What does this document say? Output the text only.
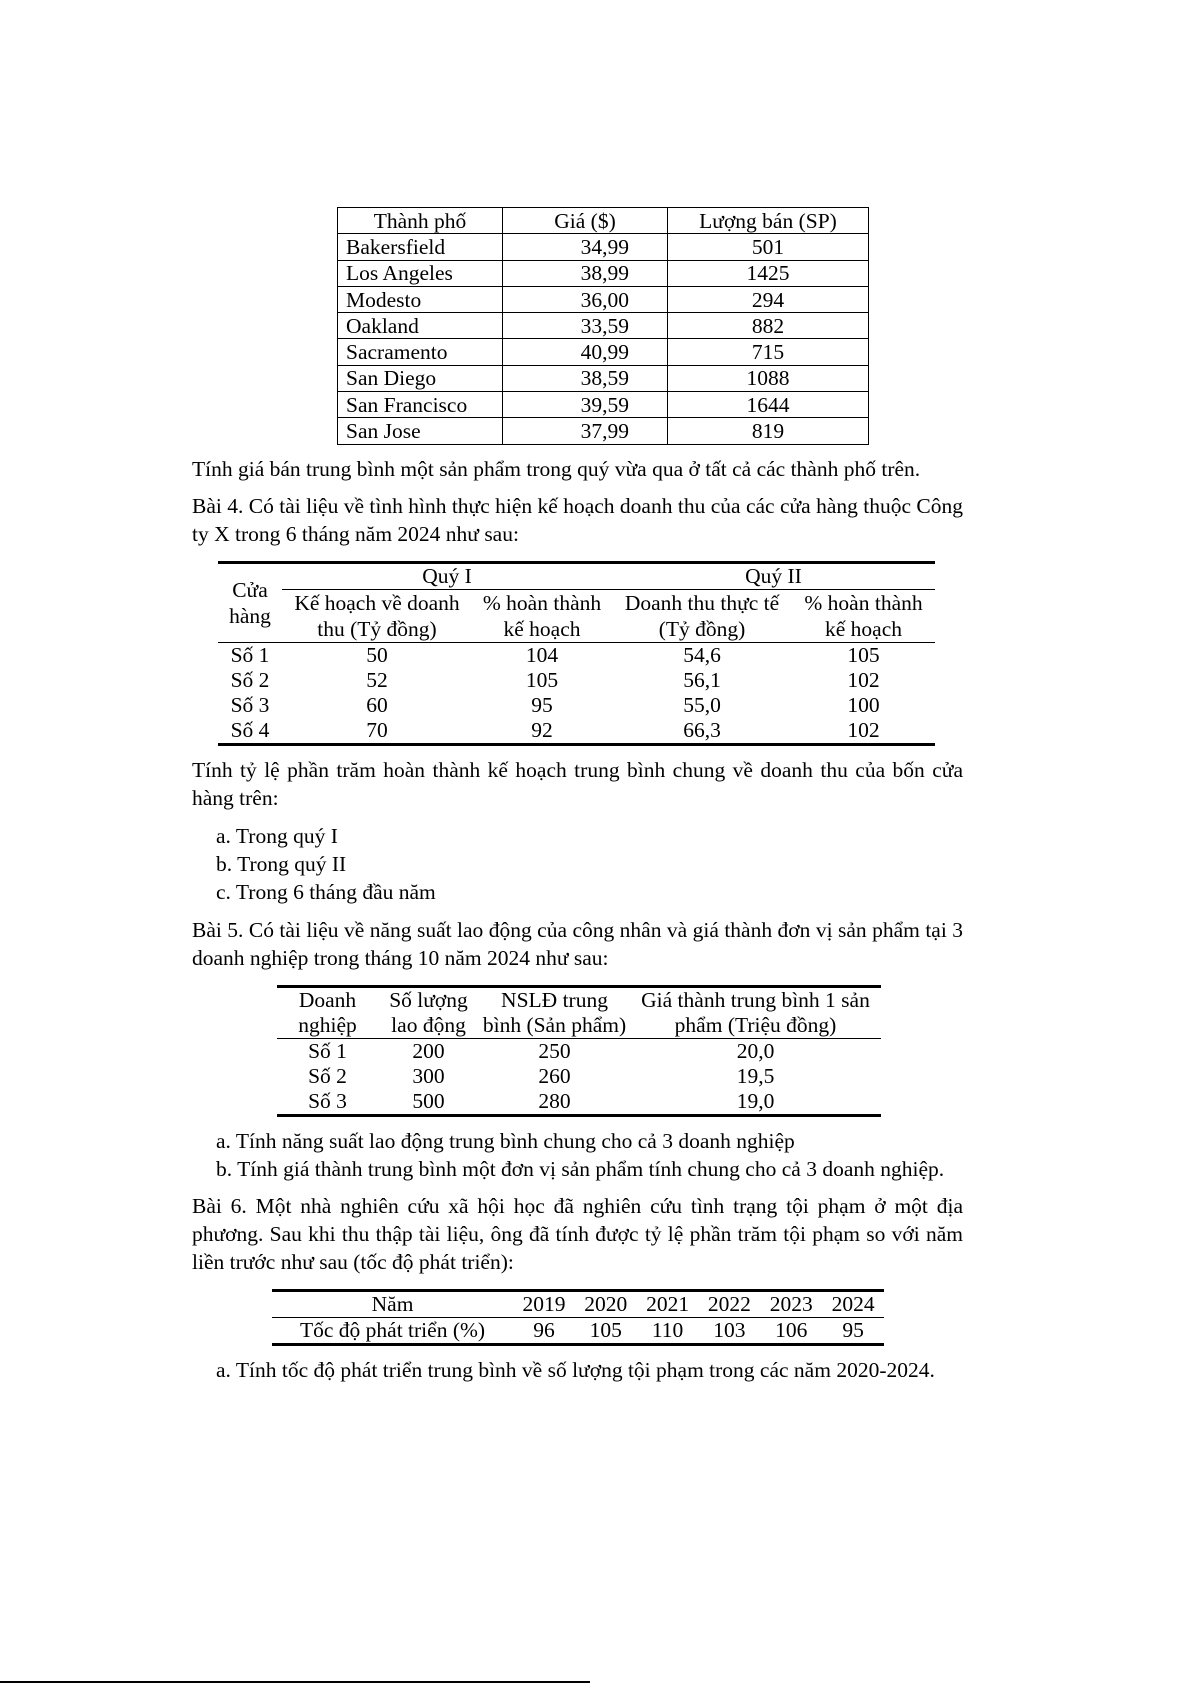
Thành phố	Giá ($)	Lượng bán (SP)
Bakersfield	34,99	501
Los Angeles	38,99	1425
Modesto	36,00	294
Oakland	33,59	882
Sacramento	40,99	715
San Diego	38,59	1088
San Francisco	39,59	1644
San Jose	37,99	819
Tính giá bán trung bình một sản phẩm trong quý vừa qua ở tất cả các thành phố trên.
Bài 4. Có tài liệu về tình hình thực hiện kế hoạch doanh thu của các cửa hàng thuộc Công ty X trong 6 tháng năm 2024 như sau:
Cửa hàng	Quý I		Quý II	
	Kế hoạch về doanh thu (Tỷ đồng)	% hoàn thành kế hoạch	Doanh thu thực tế (Tỷ đồng)	% hoàn thành kế hoạch
Số 1	50	104	54,6	105
Số 2	52	105	56,1	102
Số 3	60	95	55,0	100
Số 4	70	92	66,3	102
Tính tỷ lệ phần trăm hoàn thành kế hoạch trung bình chung về doanh thu của bốn cửa hàng trên:
a. Trong quý I
b. Trong quý II
c. Trong 6 tháng đầu năm
Bài 5. Có tài liệu về năng suất lao động của công nhân và giá thành đơn vị sản phẩm tại 3 doanh nghiệp trong tháng 10 năm 2024 như sau:
Doanh nghiệp	Số lượng lao động	NSLĐ trung bình (Sản phẩm)	Giá thành trung bình 1 sản phẩm (Triệu đồng)
Số 1	200	250	20,0
Số 2	300	260	19,5
Số 3	500	280	19,0
a. Tính năng suất lao động trung bình chung cho cả 3 doanh nghiệp
b. Tính giá thành trung bình một đơn vị sản phẩm tính chung cho cả 3 doanh nghiệp.
Bài 6. Một nhà nghiên cứu xã hội học đã nghiên cứu tình trạng tội phạm ở một địa phương. Sau khi thu thập tài liệu, ông đã tính được tỷ lệ phần trăm tội phạm so với năm liền trước như sau (tốc độ phát triển):
Năm	2019	2020	2021	2022	2023	2024
Tốc độ phát triển (%)	96	105	110	103	106	95
a. Tính tốc độ phát triển trung bình về số lượng tội phạm trong các năm 2020-2024.
